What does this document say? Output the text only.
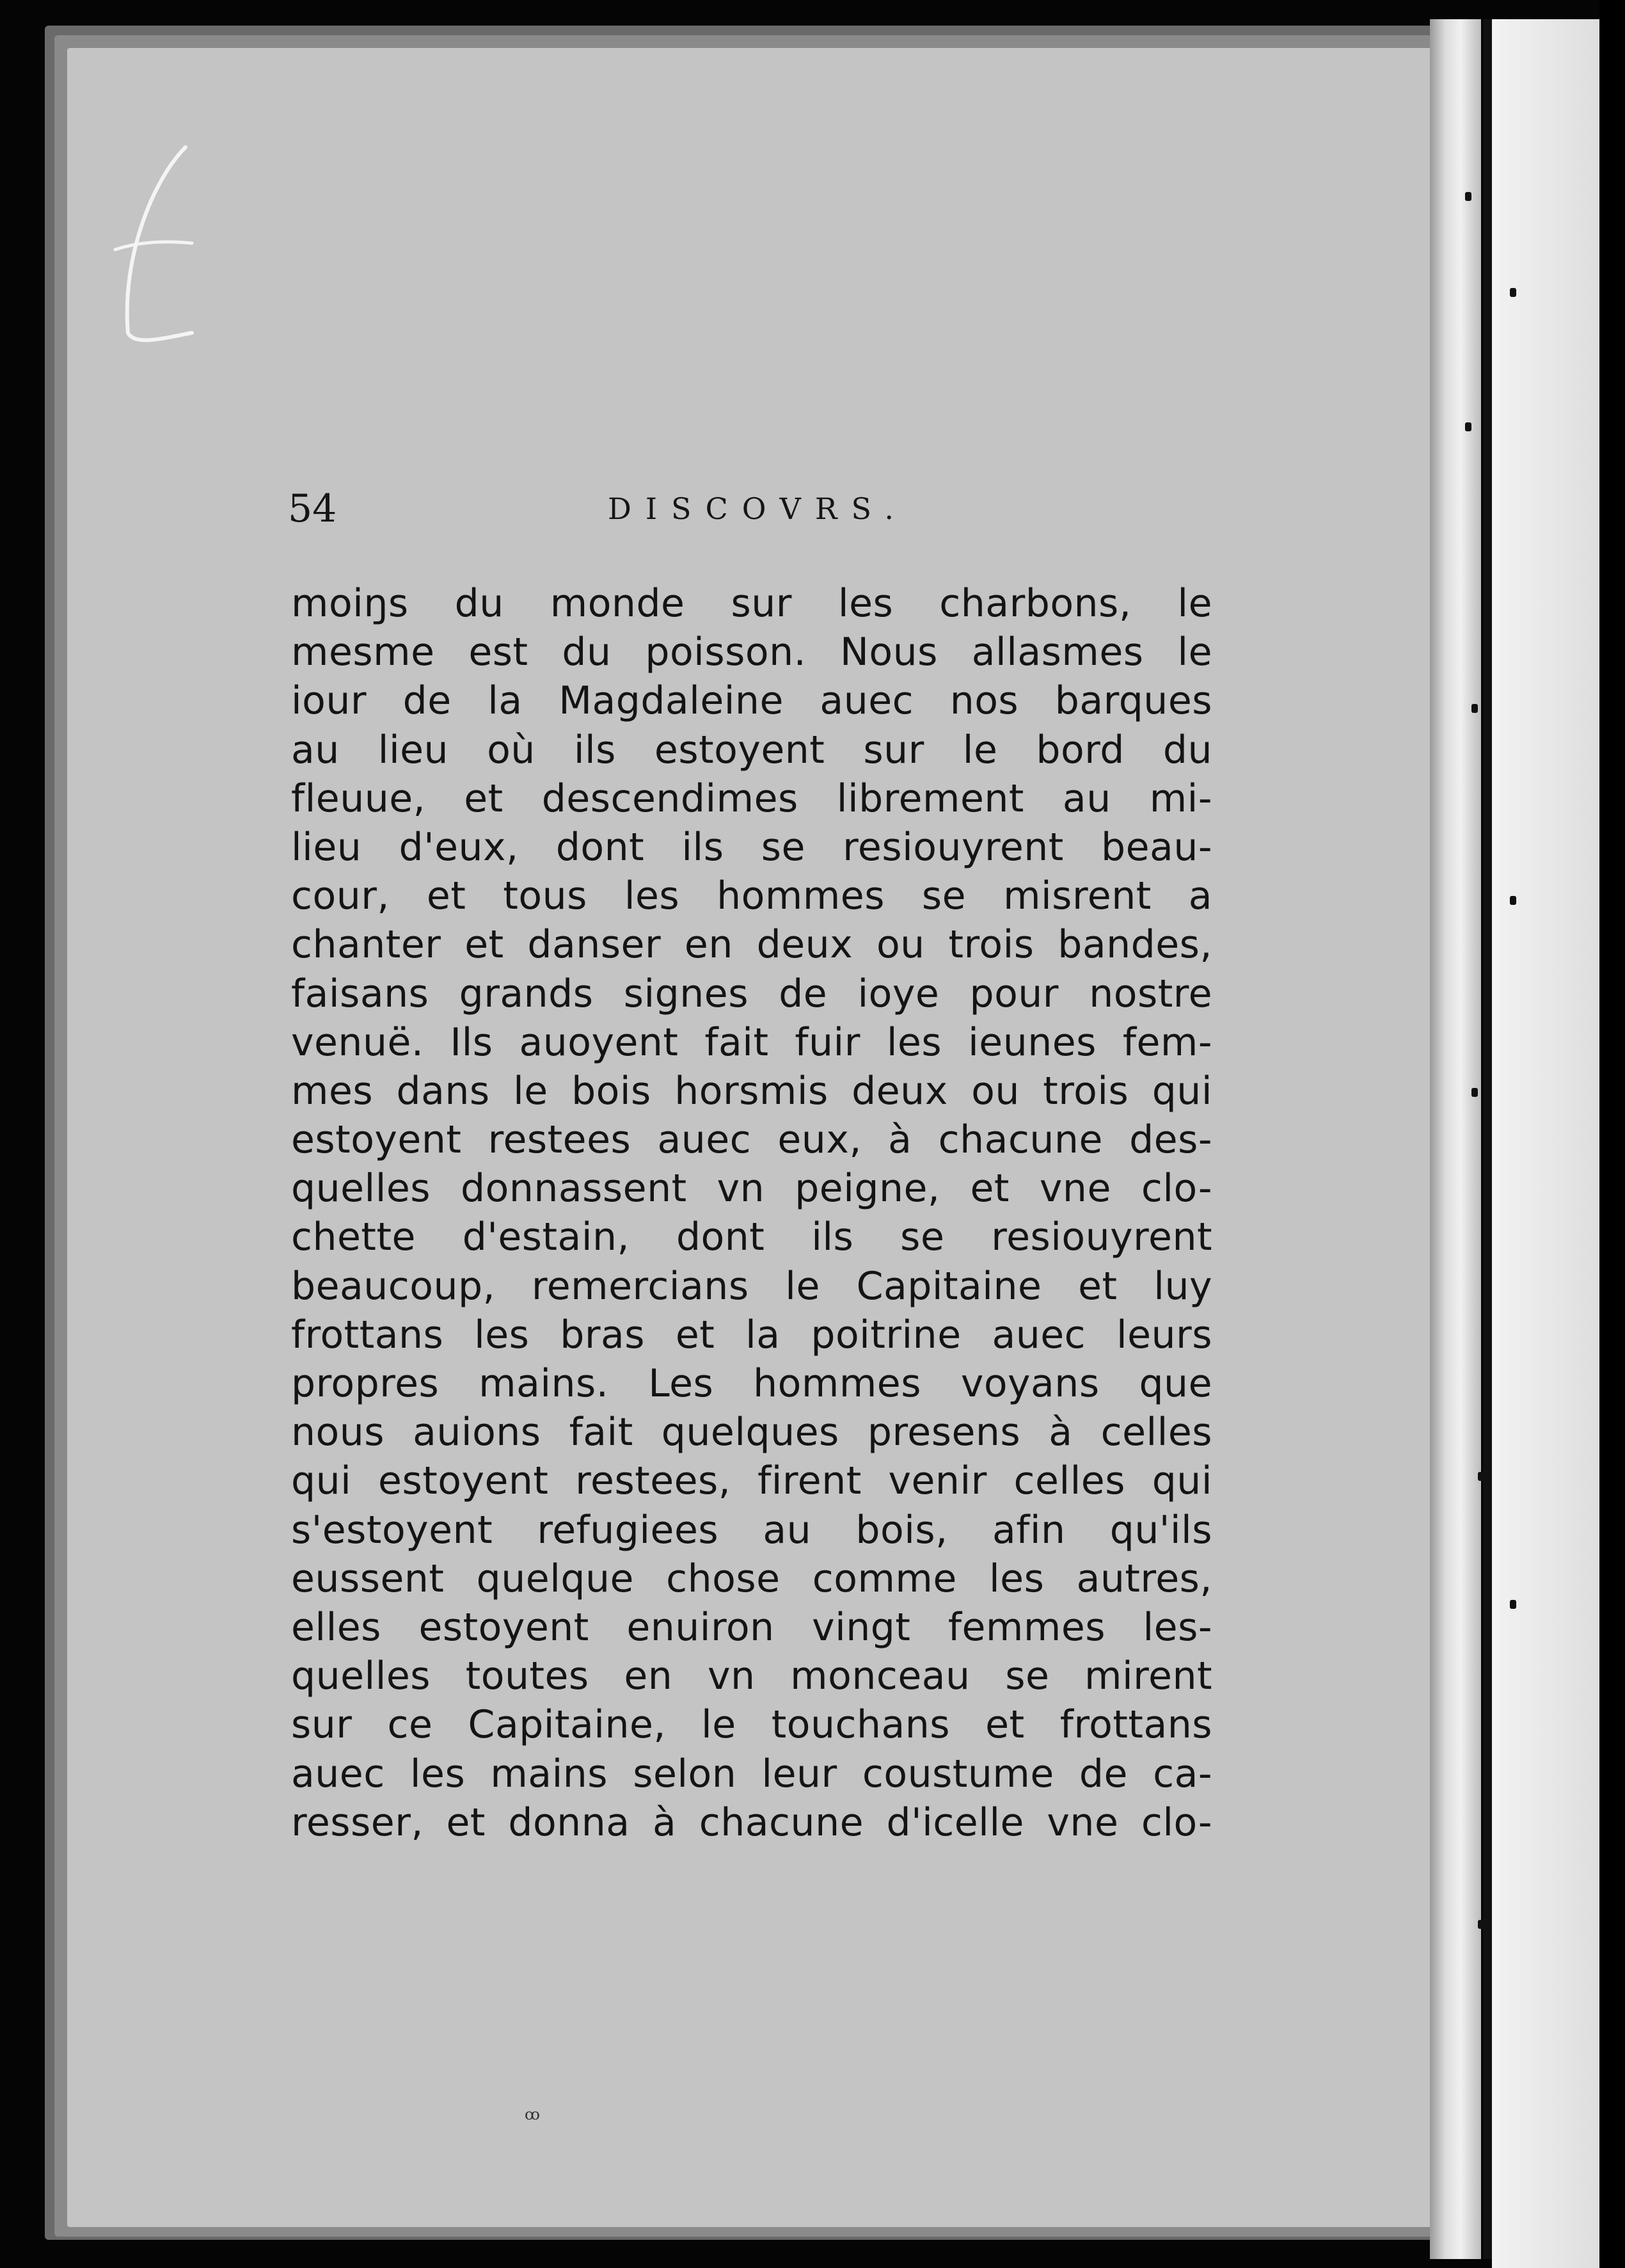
54	DISCOVRS.
moiŋs du monde sur les charbons, le
mesme est du poisson. Nous allasmes le
iour de la Magdaleine auec nos barques
au lieu où ils estoyent sur le bord du
fleuue, et descendimes librement au mi-
lieu d'eux, dont ils se resiouyrent beau-
cour, et tous les hommes se misrent a
chanter et danser en deux ou trois bandes,
faisans grands signes de ioye pour nostre
venuë. Ils auoyent fait fuir les ieunes fem-
mes dans le bois horsmis deux ou trois qui
estoyent restees auec eux, à chacune des-
quelles donnassent vn peigne, et vne clo-
chette d'estain, dont ils se resiouyrent
beaucoup, remercians le Capitaine et luy
frottans les bras et la poitrine auec leurs
propres mains. Les hommes voyans que
nous auions fait quelques presens à celles
qui estoyent restees, firent venir celles qui
s'estoyent refugiees au bois, afin qu'ils
eussent quelque chose comme les autres,
elles estoyent enuiron vingt femmes les-
quelles toutes en vn monceau se mirent
sur ce Capitaine, le touchans et frottans
auec les mains selon leur coustume de ca-
resser, et donna à chacune d'icelle vne clo-
ꝏ
